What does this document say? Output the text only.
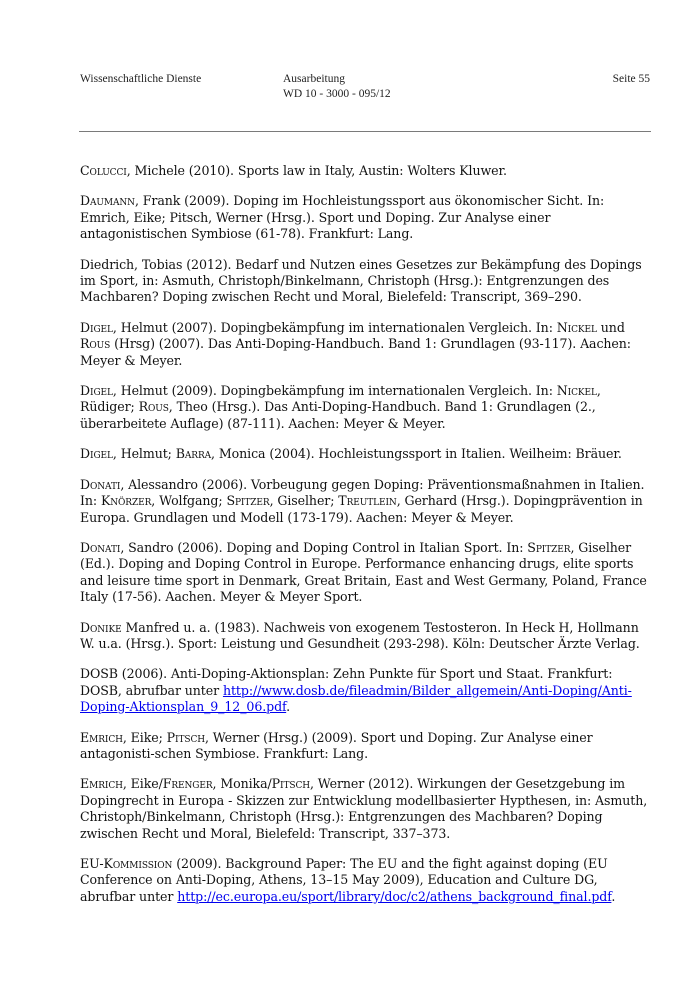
Wissenschaftliche Dienste	Ausarbeitung
WD 10 - 3000 - 095/12
Seite 55

Colucci, Michele (2010). Sports law in Italy, Austin: Wolters Kluwer.

Daumann, Frank (2009). Doping im Hochleistungssport aus ökonomischer Sicht. In: Emrich, Eike; Pitsch, Werner (Hrsg.). Sport und Doping. Zur Analyse einer antagonistischen Symbiose (61-78). Frankfurt: Lang.

Diedrich, Tobias (2012). Bedarf und Nutzen eines Gesetzes zur Bekämpfung des Dopings im Sport, in: Asmuth, Christoph/Binkelmann, Christoph (Hrsg.): Entgrenzungen des Machbaren? Doping zwischen Recht und Moral, Bielefeld: Transcript, 369–290.

Digel, Helmut (2007). Dopingbekämpfung im internationalen Vergleich. In: Nickel und Rous (Hrsg) (2007). Das Anti-Doping-Handbuch. Band 1: Grundlagen (93-117). Aachen: Meyer & Meyer.

Digel, Helmut (2009). Dopingbekämpfung im internationalen Vergleich. In: Nickel, Rüdiger; Rous, Theo (Hrsg.). Das Anti-Doping-Handbuch. Band 1: Grundlagen (2., überarbeitete Auflage) (87-111). Aachen: Meyer & Meyer.

Digel, Helmut; Barra, Monica (2004). Hochleistungssport in Italien. Weilheim: Bräuer.

Donati, Alessandro (2006). Vorbeugung gegen Doping: Präventionsmaßnahmen in Italien. In: Knörzer, Wolfgang; Spitzer, Giselher; Treutlein, Gerhard (Hrsg.). Dopingprävention in Europa. Grundlagen und Modell (173-179). Aachen: Meyer & Meyer.

Donati, Sandro (2006). Doping and Doping Control in Italian Sport. In: Spitzer, Giselher (Ed.). Doping and Doping Control in Europe. Performance enhancing drugs, elite sports and leisure time sport in Denmark, Great Britain, East and West Germany, Poland, France Italy (17-56). Aachen. Meyer & Meyer Sport.

Donike Manfred u. a. (1983). Nachweis von exogenem Testosteron. In Heck H, Hollmann W. u.a. (Hrsg.). Sport: Leistung und Gesundheit (293-298). Köln: Deutscher Ärzte Verlag.

DOSB (2006). Anti-Doping-Aktionsplan: Zehn Punkte für Sport und Staat. Frankfurt: DOSB, abrufbar unter http://www.dosb.de/fileadmin/Bilder_allgemein/Anti-Doping/Anti-Doping-Aktionsplan_9_12_06.pdf.

Emrich, Eike; Pitsch, Werner (Hrsg.) (2009). Sport und Doping. Zur Analyse einer antagonisti-schen Symbiose. Frankfurt: Lang.

Emrich, Eike/Frenger, Monika/Pitsch, Werner (2012). Wirkungen der Gesetzgebung im Dopingrecht in Europa - Skizzen zur Entwicklung modellbasierter Hypthesen, in: Asmuth, Christoph/Binkelmann, Christoph (Hrsg.): Entgrenzungen des Machbaren? Doping zwischen Recht und Moral, Bielefeld: Transcript, 337–373.

EU-Kommission (2009). Background Paper: The EU and the fight against doping (EU Conference on Anti-Doping, Athens, 13–15 May 2009), Education and Culture DG, abrufbar unter http://ec.europa.eu/sport/library/doc/c2/athens_background_final.pdf.
